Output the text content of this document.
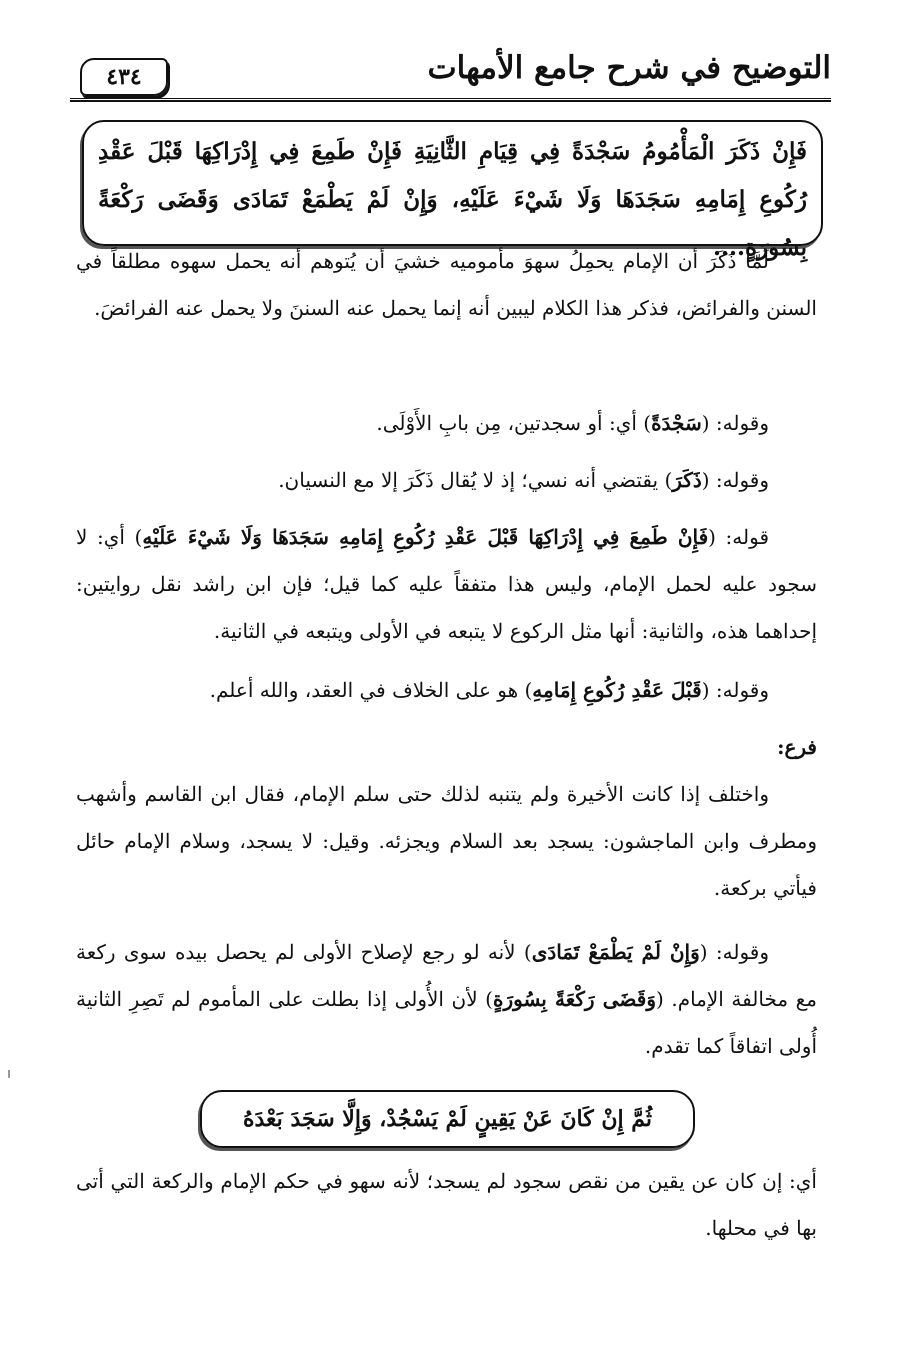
٤٣٤	التوضيح في شرح جامع الأمهات
فَإِنْ ذَكَرَ الْمَأْمُومُ سَجْدَةً فِي قِيَامِ الثَّانِيَةِ فَإِنْ طَمِعَ فِي إِدْرَاكِهَا قَبْلَ عَقْدِ رُكُوعِ إِمَامِهِ سَجَدَهَا وَلَا شَيْءَ عَلَيْهِ، وَإِنْ لَمْ يَطْمَعْ تَمَادَى وَقَضَى رَكْعَةً بِسُورَةٍ....
لَمَّا ذَكَرَ أن الإمام يحمِلُ سهوَ مأموميه خشيَ أن يُتوهم أنه يحمل سهوه مطلقاً في السنن والفرائض، فذكر هذا الكلام ليبين أنه إنما يحمل عنه السننَ ولا يحمل عنه الفرائضَ.
وقوله: (سَجْدَةً) أي: أو سجدتين، مِن بابِ الأَوْلَى.
وقوله: (ذَكَرَ) يقتضي أنه نسي؛ إذ لا يُقال ذَكَرَ إلا مع النسيان.
قوله: (فَإِنْ طَمِعَ فِي إِدْرَاكِهَا قَبْلَ عَقْدِ رُكُوعِ إِمَامِهِ سَجَدَهَا وَلَا شَيْءَ عَلَيْهِ) أي: لا سجود عليه لحمل الإمام، وليس هذا متفقاً عليه كما قيل؛ فإن ابن راشد نقل روايتين: إحداهما هذه، والثانية: أنها مثل الركوع لا يتبعه في الأولى ويتبعه في الثانية.
وقوله: (قَبْلَ عَقْدِ رُكُوعِ إِمَامِهِ) هو على الخلاف في العقد، والله أعلم.
فرع:
واختلف إذا كانت الأخيرة ولم يتنبه لذلك حتى سلم الإمام، فقال ابن القاسم وأشهب ومطرف وابن الماجشون: يسجد بعد السلام ويجزئه. وقيل: لا يسجد، وسلام الإمام حائل فيأتي بركعة.
وقوله: (وَإِنْ لَمْ يَطْمَعْ تَمَادَى) لأنه لو رجع لإصلاح الأولى لم يحصل بيده سوى ركعة مع مخالفة الإمام. (وَقَضَى رَكْعَةً بِسُورَةٍ) لأن الأُولى إذا بطلت على المأموم لم تَصِرِ الثانية أُولى اتفاقاً كما تقدم.
ثُمَّ إِنْ كَانَ عَنْ يَقِينٍ لَمْ يَسْجُدْ، وَإِلَّا سَجَدَ بَعْدَهُ
أي: إن كان عن يقين من نقص سجود لم يسجد؛ لأنه سهو في حكم الإمام والركعة التي أتى بها في محلها.
